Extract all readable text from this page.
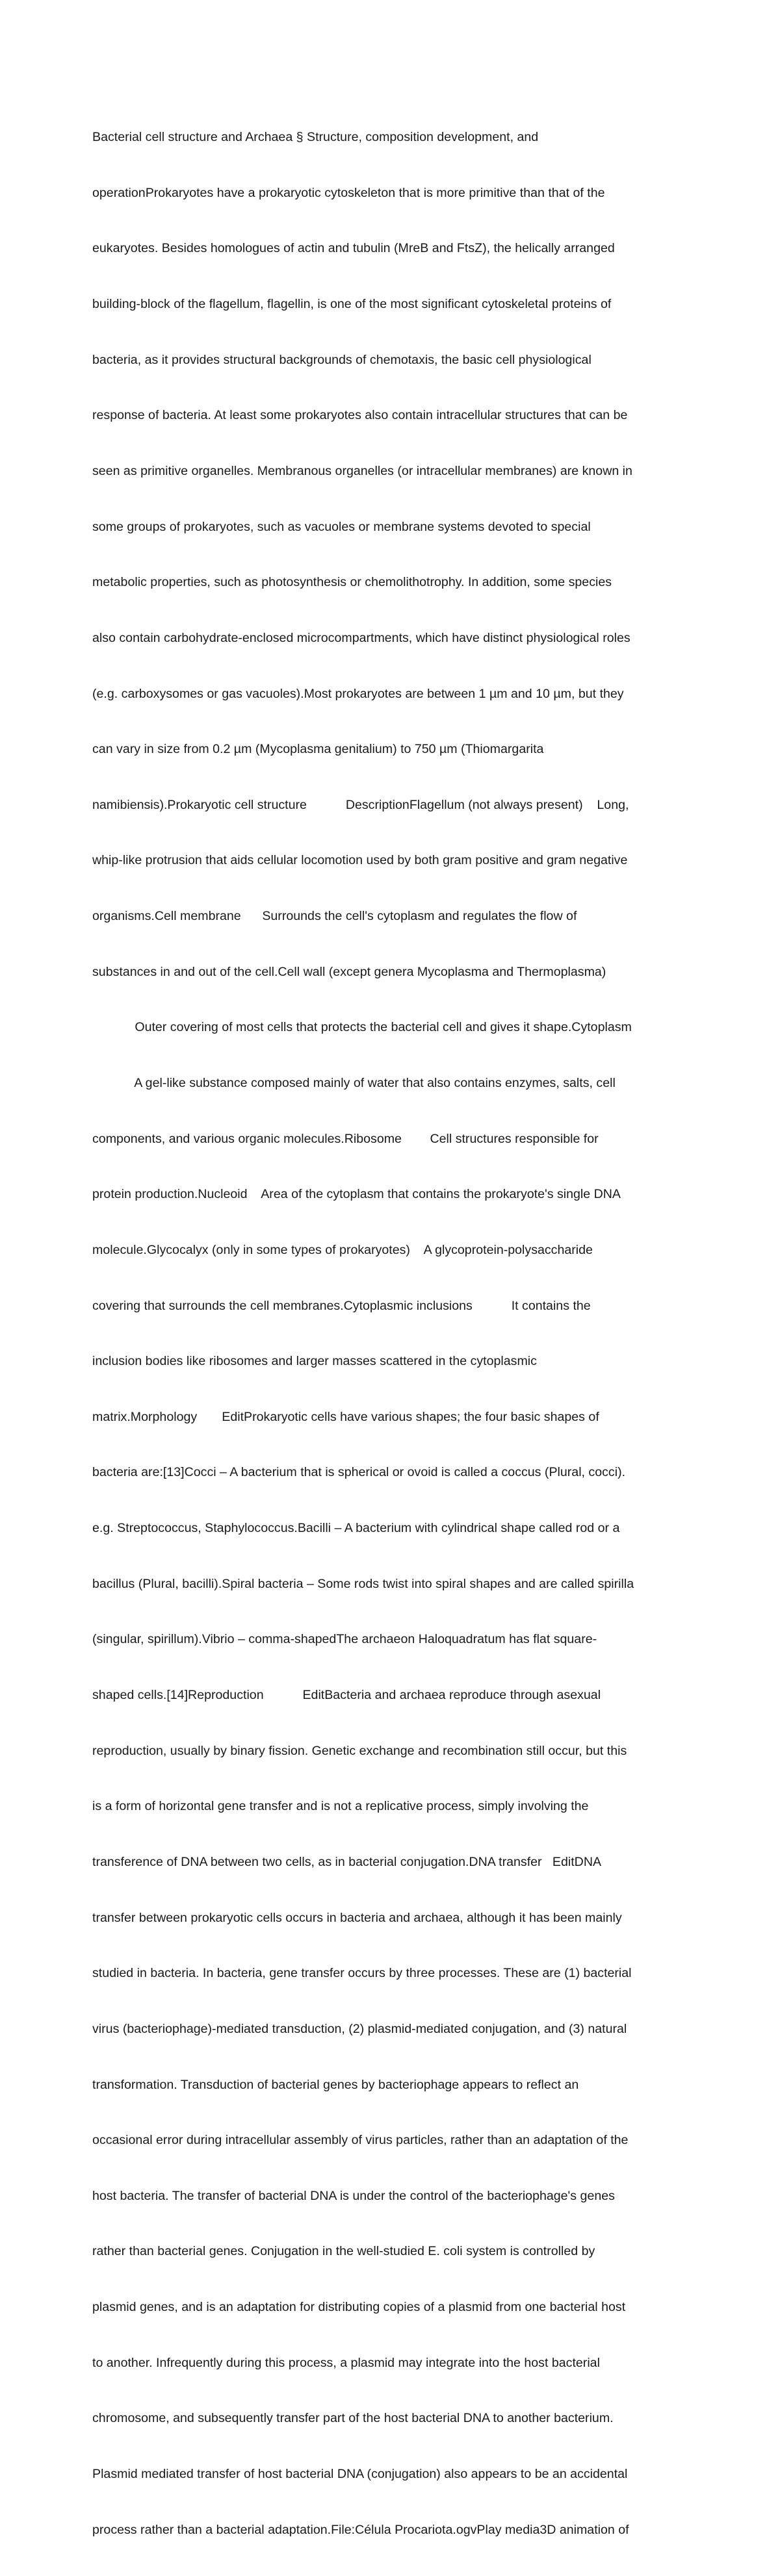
Bacterial cell structure and Archaea § Structure, composition development, and

operationProkaryotes have a prokaryotic cytoskeleton that is more primitive than that of the

eukaryotes. Besides homologues of actin and tubulin (MreB and FtsZ), the helically arranged

building-block of the flagellum, flagellin, is one of the most significant cytoskeletal proteins of

bacteria, as it provides structural backgrounds of chemotaxis, the basic cell physiological

response of bacteria. At least some prokaryotes also contain intracellular structures that can be

seen as primitive organelles. Membranous organelles (or intracellular membranes) are known in

some groups of prokaryotes, such as vacuoles or membrane systems devoted to special

metabolic properties, such as photosynthesis or chemolithotrophy. In addition, some species

also contain carbohydrate-enclosed microcompartments, which have distinct physiological roles

(e.g. carboxysomes or gas vacuoles).Most prokaryotes are between 1 µm and 10 µm, but they

can vary in size from 0.2 µm (Mycoplasma genitalium) to 750 µm (Thiomargarita

namibiensis).Prokaryotic cell structure           DescriptionFlagellum (not always present)    Long,

whip-like protrusion that aids cellular locomotion used by both gram positive and gram negative

organisms.Cell membrane      Surrounds the cell's cytoplasm and regulates the flow of

substances in and out of the cell.Cell wall (except genera Mycoplasma and Thermoplasma)

Outer covering of most cells that protects the bacterial cell and gives it shape.Cytoplasm

A gel-like substance composed mainly of water that also contains enzymes, salts, cell

components, and various organic molecules.Ribosome        Cell structures responsible for

protein production.Nucleoid    Area of the cytoplasm that contains the prokaryote's single DNA

molecule.Glycocalyx (only in some types of prokaryotes)    A glycoprotein-polysaccharide

covering that surrounds the cell membranes.Cytoplasmic inclusions           It contains the

inclusion bodies like ribosomes and larger masses scattered in the cytoplasmic

matrix.Morphology       EditProkaryotic cells have various shapes; the four basic shapes of

bacteria are:[13]Cocci – A bacterium that is spherical or ovoid is called a coccus (Plural, cocci).

e.g. Streptococcus, Staphylococcus.Bacilli – A bacterium with cylindrical shape called rod or a

bacillus (Plural, bacilli).Spiral bacteria – Some rods twist into spiral shapes and are called spirilla

(singular, spirillum).Vibrio – comma-shapedThe archaeon Haloquadratum has flat square-

shaped cells.[14]Reproduction           EditBacteria and archaea reproduce through asexual

reproduction, usually by binary fission. Genetic exchange and recombination still occur, but this

is a form of horizontal gene transfer and is not a replicative process, simply involving the

transference of DNA between two cells, as in bacterial conjugation.DNA transfer   EditDNA

transfer between prokaryotic cells occurs in bacteria and archaea, although it has been mainly

studied in bacteria. In bacteria, gene transfer occurs by three processes. These are (1) bacterial

virus (bacteriophage)-mediated transduction, (2) plasmid-mediated conjugation, and (3) natural

transformation. Transduction of bacterial genes by bacteriophage appears to reflect an

occasional error during intracellular assembly of virus particles, rather than an adaptation of the

host bacteria. The transfer of bacterial DNA is under the control of the bacteriophage's genes

rather than bacterial genes. Conjugation in the well-studied E. coli system is controlled by

plasmid genes, and is an adaptation for distributing copies of a plasmid from one bacterial host

to another. Infrequently during this process, a plasmid may integrate into the host bacterial

chromosome, and subsequently transfer part of the host bacterial DNA to another bacterium.

Plasmid mediated transfer of host bacterial DNA (conjugation) also appears to be an accidental

process rather than a bacterial adaptation.File:Célula Procariota.ogvPlay media3D animation of
